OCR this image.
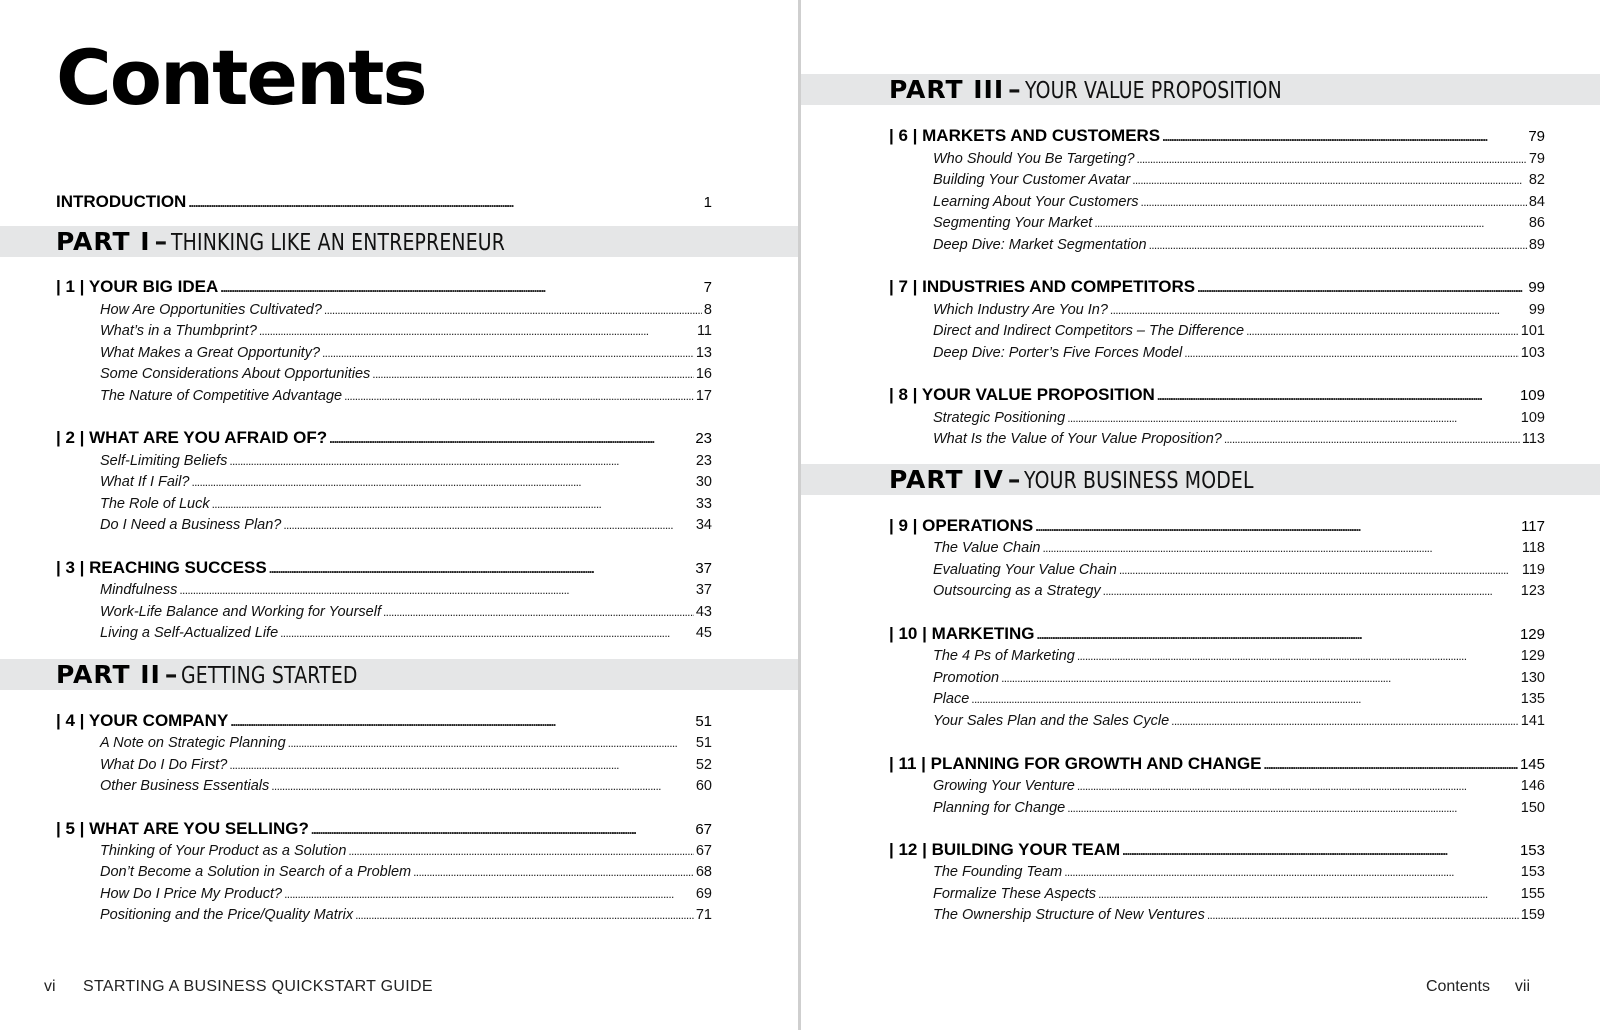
Contents
INTRODUCTION . . .	1
PART I – THINKING LIKE AN ENTREPRENEUR
| 1 | YOUR BIG IDEA . . .	7
How Are Opportunities Cultivated? . . .	8
What’s in a Thumbprint? . . .	11
What Makes a Great Opportunity? . . .	13
Some Considerations About Opportunities . . .	16
The Nature of Competitive Advantage . . .	17
| 2 | WHAT ARE YOU AFRAID OF? . . .	23
Self-Limiting Beliefs . . .	23
What If I Fail? . . .	30
The Role of Luck . . .	33
Do I Need a Business Plan? . . .	34
| 3 | REACHING SUCCESS . . .	37
Mindfulness . . .	37
Work-Life Balance and Working for Yourself . . .	43
Living a Self-Actualized Life . . .	45
PART II – GETTING STARTED
| 4 | YOUR COMPANY . . .	51
A Note on Strategic Planning . . .	51
What Do I Do First? . . .	52
Other Business Essentials . . .	60
| 5 | WHAT ARE YOU SELLING? . . .	67
Thinking of Your Product as a Solution . . .	67
Don’t Become a Solution in Search of a Problem . . .	68
How Do I Price My Product? . . .	69
Positioning and the Price/Quality Matrix . . .	71
vi STARTING A BUSINESS QUICKSTART GUIDE
PART III – YOUR VALUE PROPOSITION
| 6 | MARKETS AND CUSTOMERS . . .	79
Who Should You Be Targeting? . . .	79
Building Your Customer Avatar . . .	82
Learning About Your Customers . . .	84
Segmenting Your Market . . .	86
Deep Dive: Market Segmentation . . .	89
| 7 | INDUSTRIES AND COMPETITORS . . .	99
Which Industry Are You In? . . .	99
Direct and Indirect Competitors – The Difference . . .	101
Deep Dive: Porter’s Five Forces Model . . .	103
| 8 | YOUR VALUE PROPOSITION . . .	109
Strategic Positioning . . .	109
What Is the Value of Your Value Proposition? . . .	113
PART IV – YOUR BUSINESS MODEL
| 9 | OPERATIONS . . .	117
The Value Chain . . .	118
Evaluating Your Value Chain . . .	119
Outsourcing as a Strategy . . .	123
| 10 | MARKETING . . .	129
The 4 Ps of Marketing . . .	129
Promotion . . .	130
Place . . .	135
Your Sales Plan and the Sales Cycle . . .	141
| 11 | PLANNING FOR GROWTH AND CHANGE . . .	145
Growing Your Venture . . .	146
Planning for Change . . .	150
| 12 | BUILDING YOUR TEAM . . .	153
The Founding Team . . .	153
Formalize These Aspects . . .	155
The Ownership Structure of New Ventures . . .	159
Contents vii
